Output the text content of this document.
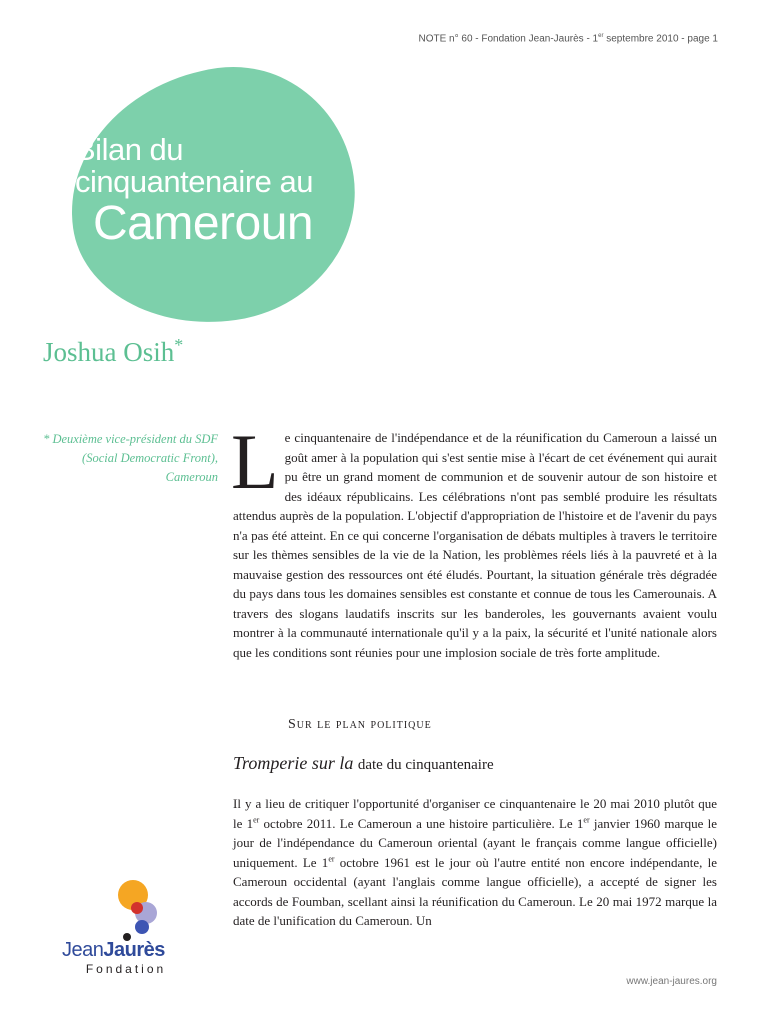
NOTE n° 60 - Fondation Jean-Jaurès - 1er septembre 2010 - page 1
Bilan du
cinquantenaire au
Cameroun
Joshua Osih*
* Deuxième vice-président du SDF (Social Democratic Front), Cameroun L e cinquantenaire de l'indépendance et de la réunification du Cameroun a laissé un goût amer à la population qui s'est sentie mise à l'écart de cet événement qui aurait pu être un grand moment de communion et de souvenir autour de son histoire et des idéaux républicains. Les célébrations n'ont pas semblé produire les résultats attendus auprès de la population. L'objectif d'appropriation de l'histoire et de l'avenir du pays n'a pas été atteint. En ce qui concerne l'organisation de débats multiples à travers le territoire sur les thèmes sensibles de la vie de la Nation, les problèmes réels liés à la pauvreté et à la mauvaise gestion des ressources ont été éludés. Pourtant, la situation générale très dégradée du pays dans tous les domaines sensibles est constante et connue de tous les Camerounais. A travers des slogans laudatifs inscrits sur les banderoles, les gouvernants avaient voulu montrer à la communauté internationale qu'il y a la paix, la sécurité et l'unité nationale alors que les conditions sont réunies pour une implosion sociale de très forte amplitude.

Sur le plan politique
Tromperie sur la date du cinquantenaire

Il y a lieu de critiquer l'opportunité d'organiser ce cinquantenaire le 20 mai 2010 plutôt que le 1er octobre 2011. Le Cameroun a une histoire particulière. Le 1er janvier 1960 marque le jour de l'indépendance du Cameroun oriental (ayant le français comme langue officielle) uniquement. Le 1er octobre 1961 est le jour où l'autre entité non encore indépendante, le Cameroun occidental (ayant l'anglais comme langue officielle), a accepté de signer les accords de Foumban, scellant ainsi la réunification du Cameroun. Le 20 mai 1972 marque la date de l'unification du Cameroun. Un

JeanJaurès
Fondation
www.jean-jaures.org
